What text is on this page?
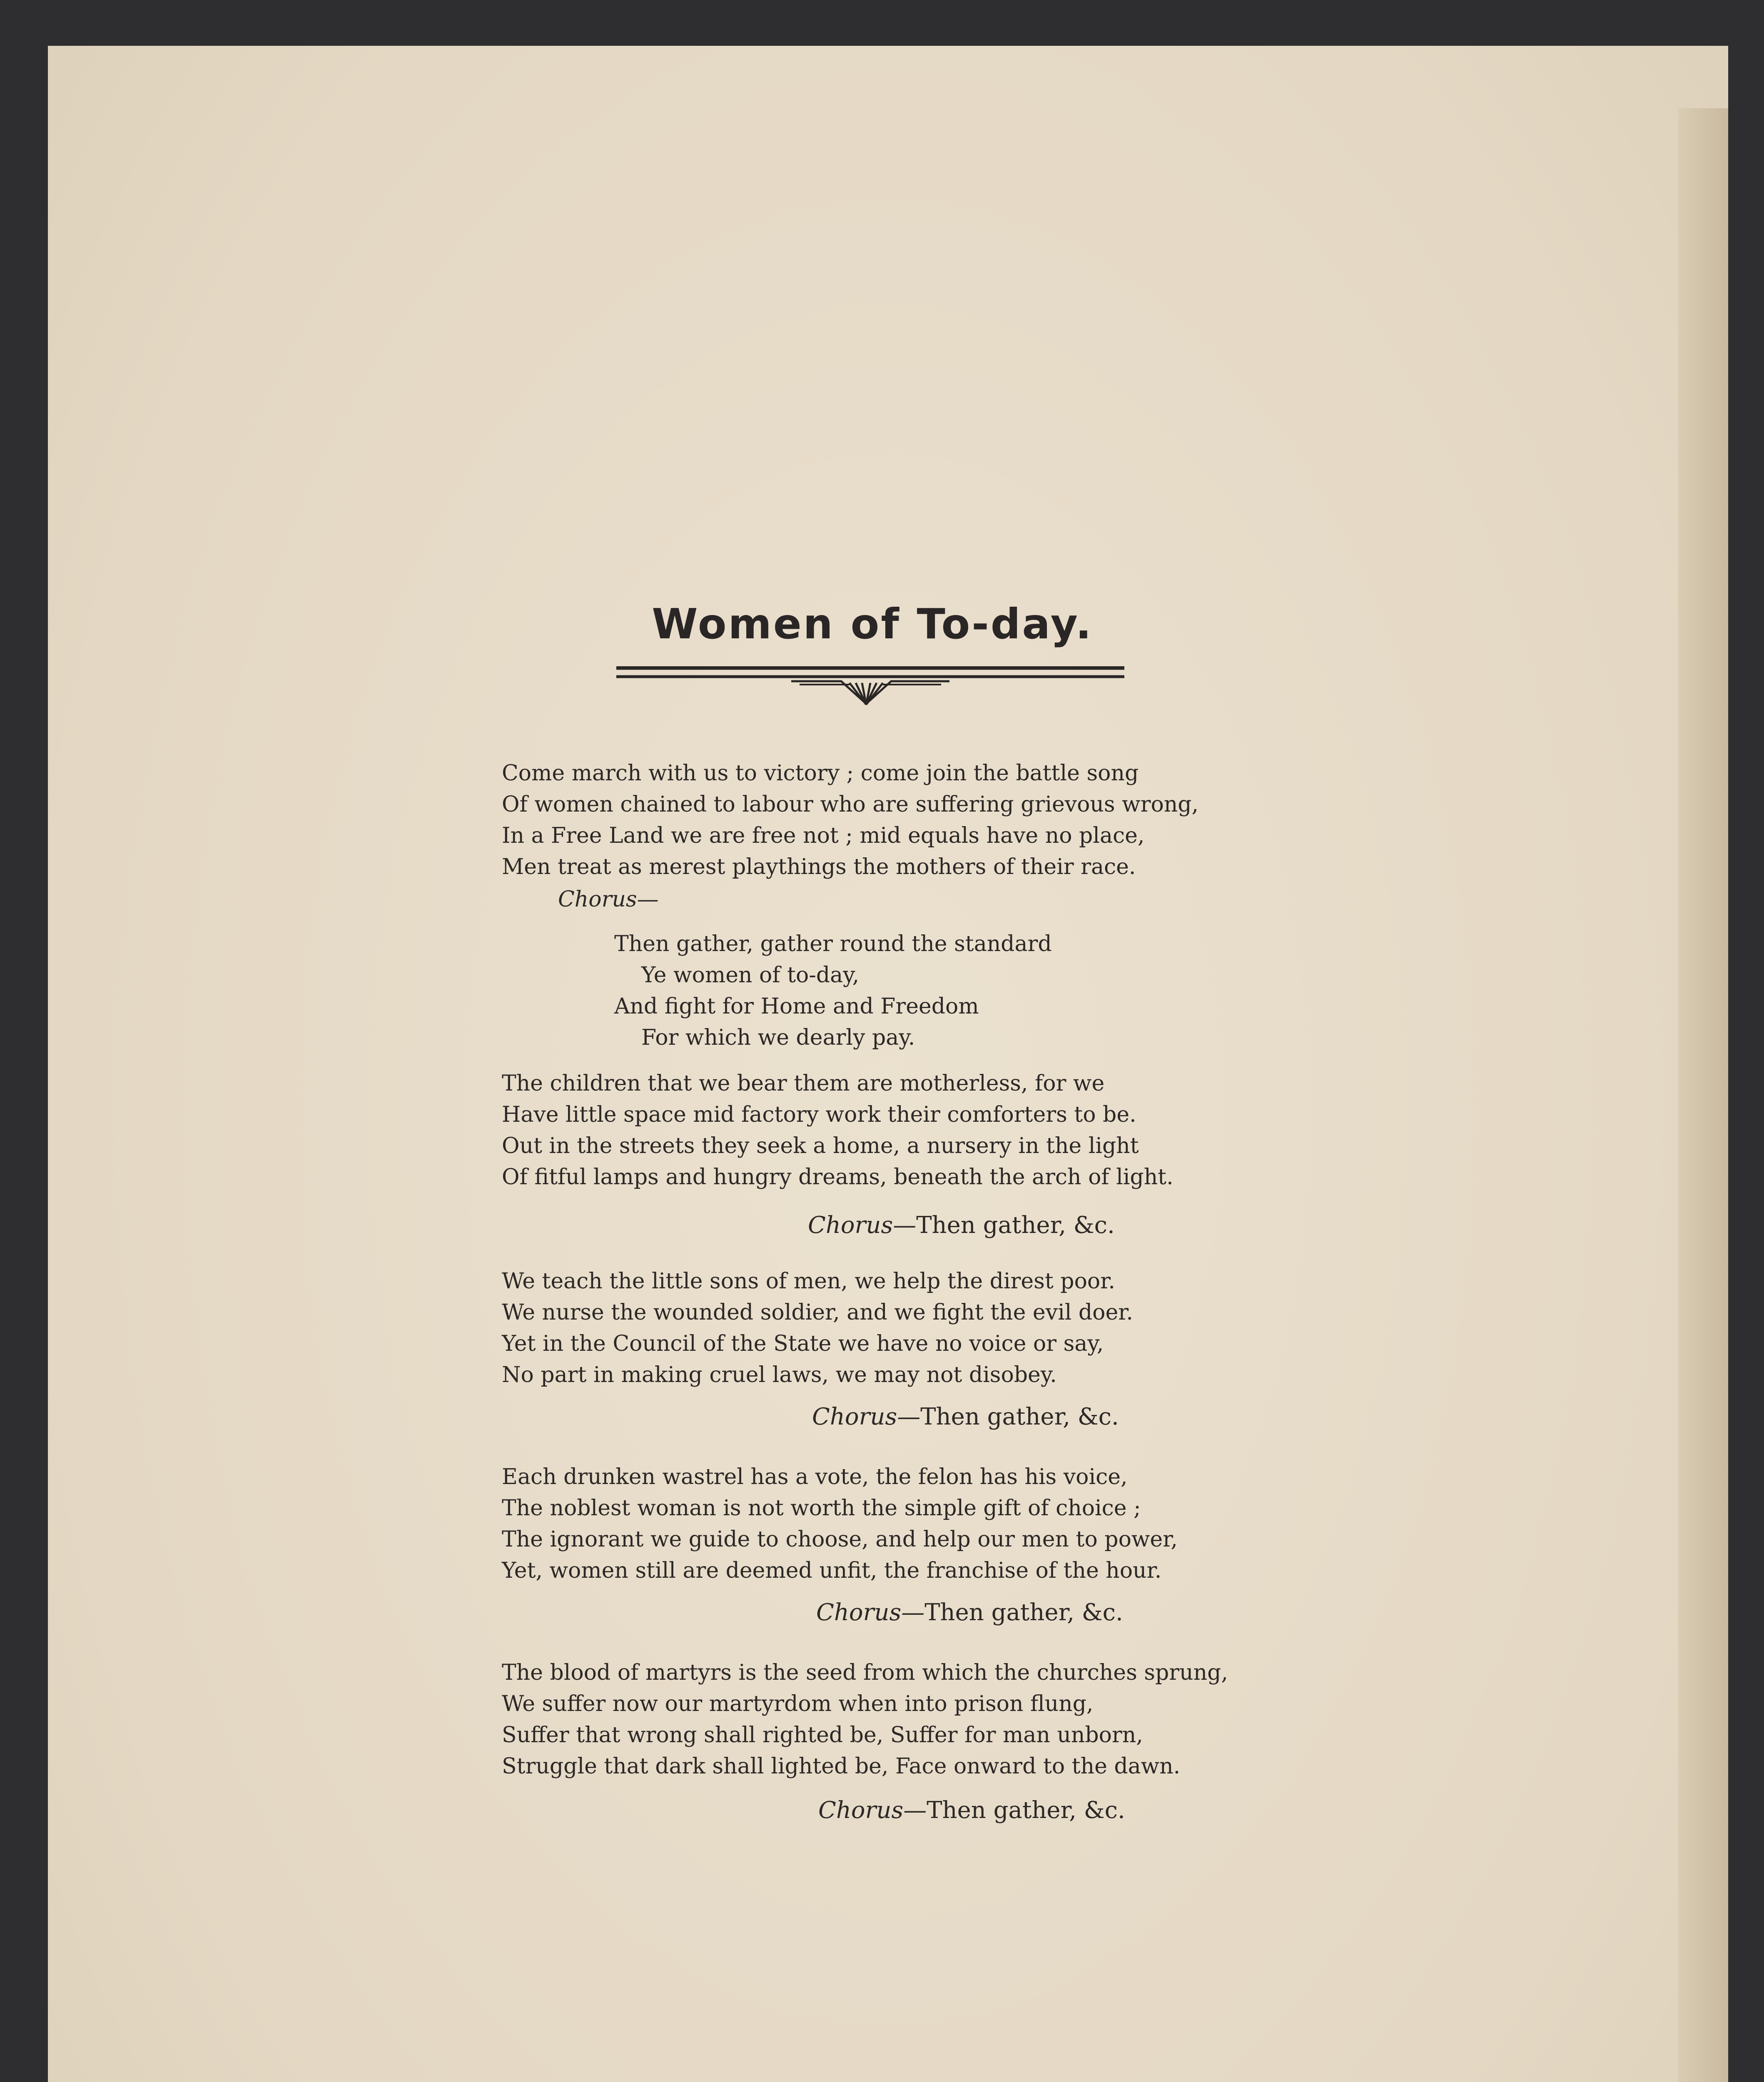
Women of To-day.
Come march with us to victory ; come join the battle song
Of women chained to labour who are suffering grievous wrong,
In a Free Land we are free not ; mid equals have no place,
Men treat as merest playthings the mothers of their race.
Chorus—
Then gather, gather round the standard
Ye women of to-day,
And fight for Home and Freedom
For which we dearly pay.
The children that we bear them are motherless, for we
Have little space mid factory work their comforters to be.
Out in the streets they seek a home, a nursery in the light
Of fitful lamps and hungry dreams, beneath the arch of light.
Chorus—Then gather, &c.
We teach the little sons of men, we help the direst poor.
We nurse the wounded soldier, and we fight the evil doer.
Yet in the Council of the State we have no voice or say,
No part in making cruel laws, we may not disobey.
Chorus—Then gather, &c.
Each drunken wastrel has a vote, the felon has his voice,
The noblest woman is not worth the simple gift of choice ;
The ignorant we guide to choose, and help our men to power,
Yet, women still are deemed unfit, the franchise of the hour.
Chorus—Then gather, &c.
The blood of martyrs is the seed from which the churches sprung,
We suffer now our martyrdom when into prison flung,
Suffer that wrong shall righted be, Suffer for man unborn,
Struggle that dark shall lighted be, Face onward to the dawn.
Chorus—Then gather, &c.
